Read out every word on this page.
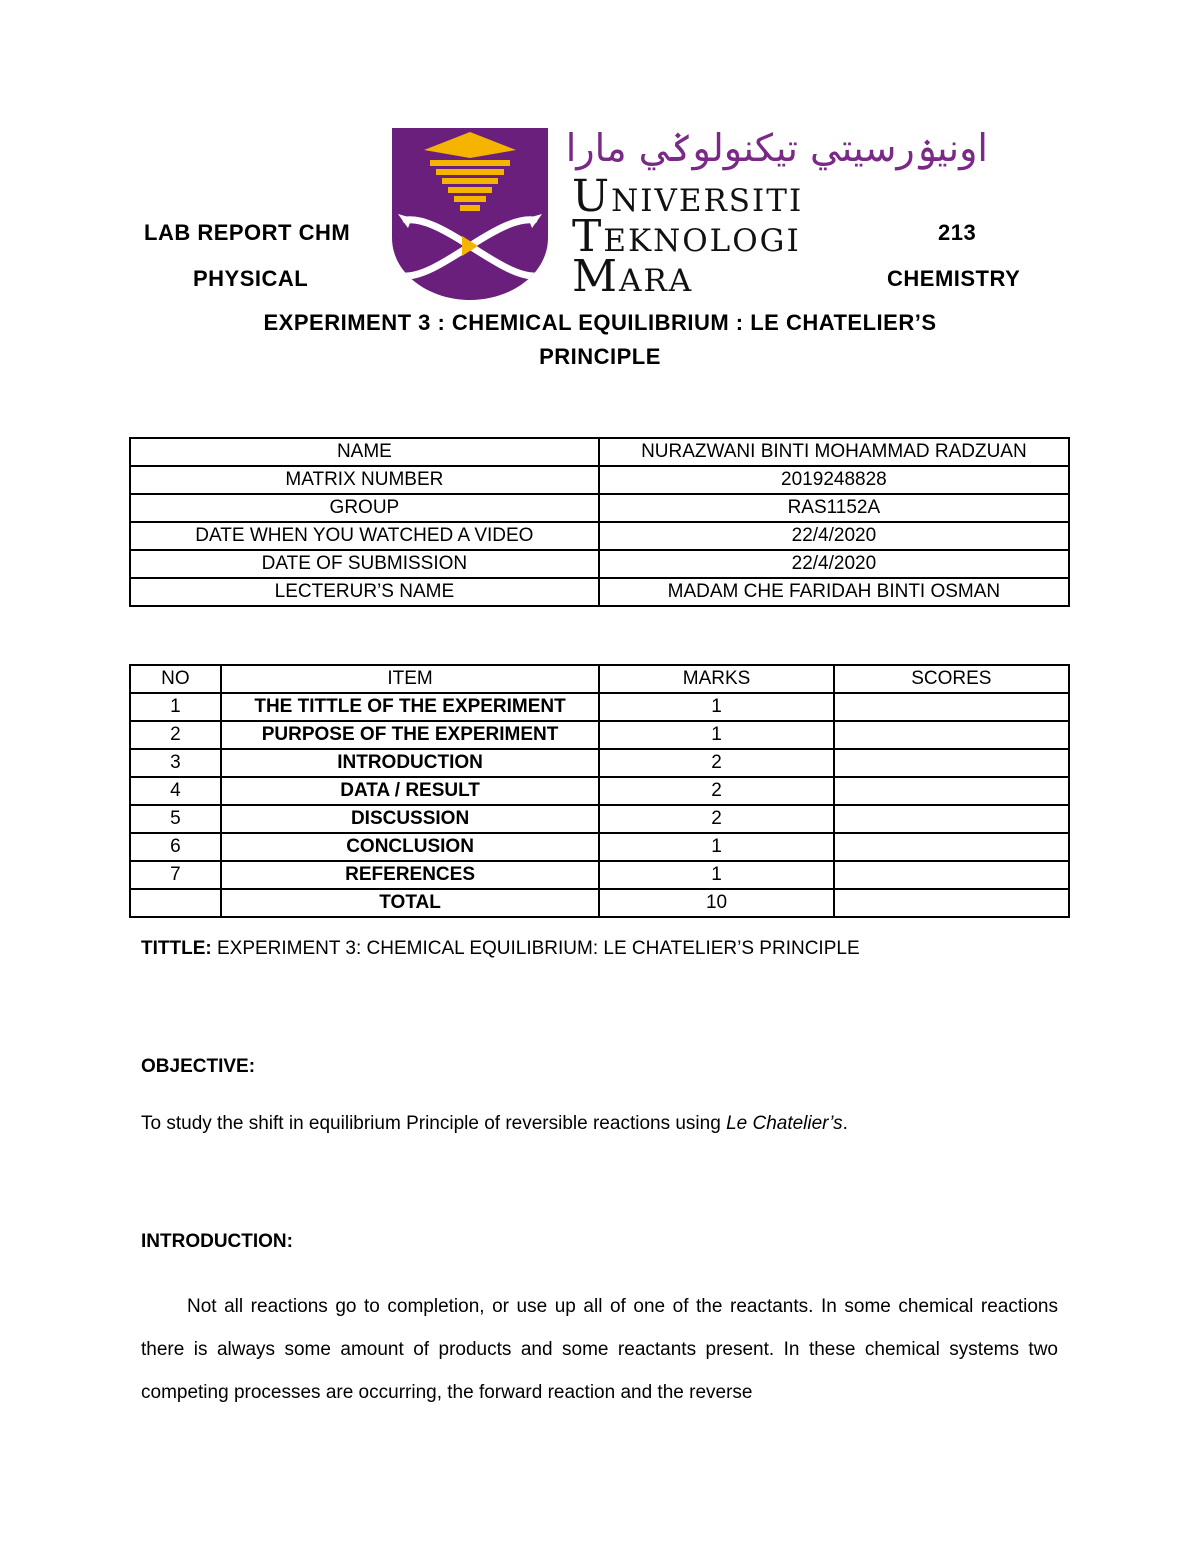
LAB REPORT CHM	213
PHYSICAL	CHEMISTRY
اونيۏرسيتي تيكنولوݢي مارا
Universiti
Teknologi
Mara
EXPERIMENT 3 : CHEMICAL EQUILIBRIUM : LE CHATELIER’S
PRINCIPLE
NAME	NURAZWANI BINTI MOHAMMAD RADZUAN
MATRIX NUMBER	2019248828
GROUP	RAS1152A
DATE WHEN YOU WATCHED A VIDEO	22/4/2020
DATE OF SUBMISSION	22/4/2020
LECTERUR’S NAME	MADAM CHE FARIDAH BINTI OSMAN
NO	ITEM	MARKS	SCORES
1	THE TITTLE OF THE EXPERIMENT	1	
2	PURPOSE OF THE EXPERIMENT	1	
3	INTRODUCTION	2	
4	DATA / RESULT	2	
5	DISCUSSION	2	
6	CONCLUSION	1	
7	REFERENCES	1	
	TOTAL	10	
TITTLE: EXPERIMENT 3: CHEMICAL EQUILIBRIUM: LE CHATELIER’S PRINCIPLE
OBJECTIVE:
To study the shift in equilibrium Principle of reversible reactions using Le Chatelier’s.
INTRODUCTION:
Not all reactions go to completion, or use up all of one of the reactants. In some chemical reactions there is always some amount of products and some reactants present. In these chemical systems two competing processes are occurring, the forward reaction and the reverse
